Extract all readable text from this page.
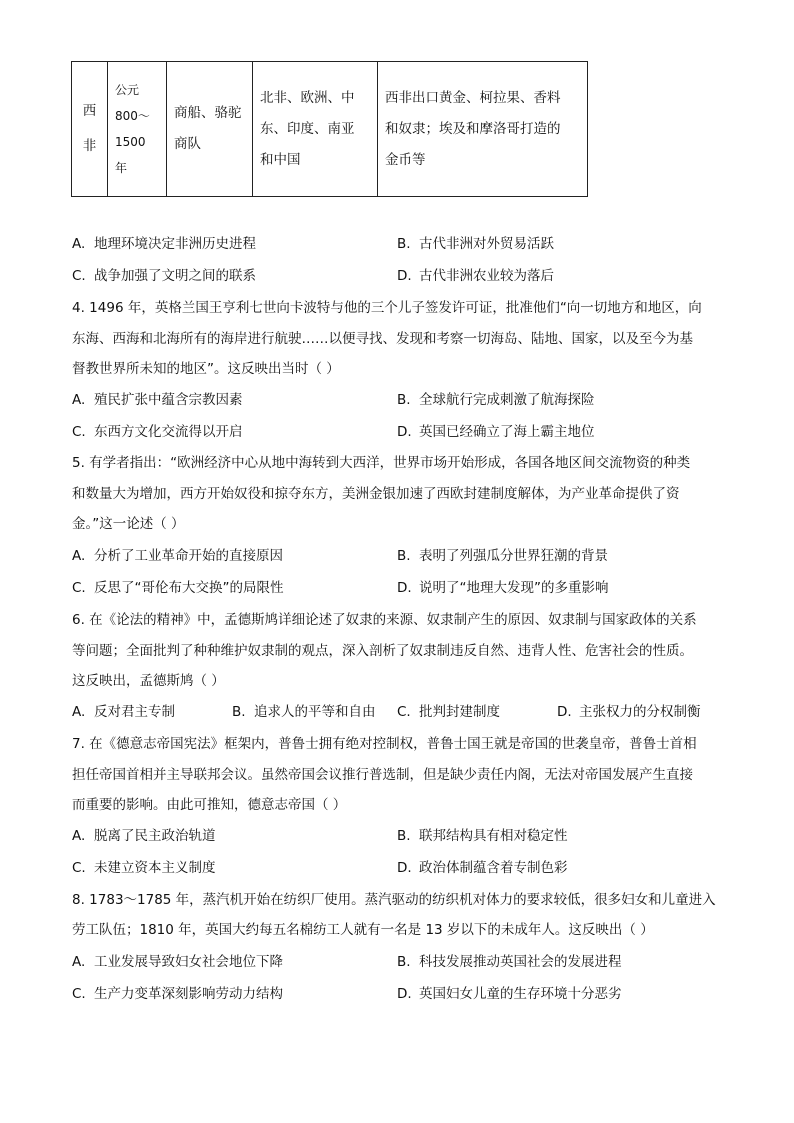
西
非

公元
800～
1500
年

商船、骆驼
商队

北非、欧洲、中
东、印度、南亚
和中国

西非出口黄金、柯拉果、香料
和奴隶；埃及和摩洛哥打造的
金币等
A. 地理环境决定非洲历史进程	B. 古代非洲对外贸易活跃
C. 战争加强了文明之间的联系	D. 古代非洲农业较为落后
4. 1496 年，英格兰国王亨利七世向卡波特与他的三个儿子签发许可证，批准他们“向一切地方和地区，向
东海、西海和北海所有的海岸进行航驶……以便寻找、发现和考察一切海岛、陆地、国家，以及至今为基
督教世界所未知的地区”。这反映出当时（ ）
A. 殖民扩张中蕴含宗教因素	B. 全球航行完成刺激了航海探险
C. 东西方文化交流得以开启	D. 英国已经确立了海上霸主地位
5. 有学者指出：“欧洲经济中心从地中海转到大西洋，世界市场开始形成，各国各地区间交流物资的种类
和数量大为增加，西方开始奴役和掠夺东方，美洲金银加速了西欧封建制度解体，为产业革命提供了资
金。”这一论述（ ）
A. 分析了工业革命开始的直接原因	B. 表明了列强瓜分世界狂潮的背景
C. 反思了“哥伦布大交换”的局限性	D. 说明了“地理大发现”的多重影响
6. 在《论法的精神》中，孟德斯鸠详细论述了奴隶的来源、奴隶制产生的原因、奴隶制与国家政体的关系
等问题；全面批判了种种维护奴隶制的观点，深入剖析了奴隶制违反自然、违背人性、危害社会的性质。
这反映出，孟德斯鸠（ ）
A. 反对君主专制	B. 追求人的平等和自由 C. 批判封建制度	D. 主张权力的分权制衡
7. 在《德意志帝国宪法》框架内，普鲁士拥有绝对控制权，普鲁士国王就是帝国的世袭皇帝，普鲁士首相
担任帝国首相并主导联邦会议。虽然帝国会议推行普选制，但是缺少责任内阁，无法对帝国发展产生直接
而重要的影响。由此可推知，德意志帝国（ ）
A. 脱离了民主政治轨道	B. 联邦结构具有相对稳定性
C. 未建立资本主义制度	D. 政治体制蕴含着专制色彩
8. 1783～1785 年，蒸汽机开始在纺织厂使用。蒸汽驱动的纺织机对体力的要求较低，很多妇女和儿童进入
劳工队伍；1810 年，英国大约每五名棉纺工人就有一名是 13 岁以下的未成年人。这反映出（ ）
A. 工业发展导致妇女社会地位下降	B. 科技发展推动英国社会的发展进程
C. 生产力变革深刻影响劳动力结构	D. 英国妇女儿童的生存环境十分恶劣
